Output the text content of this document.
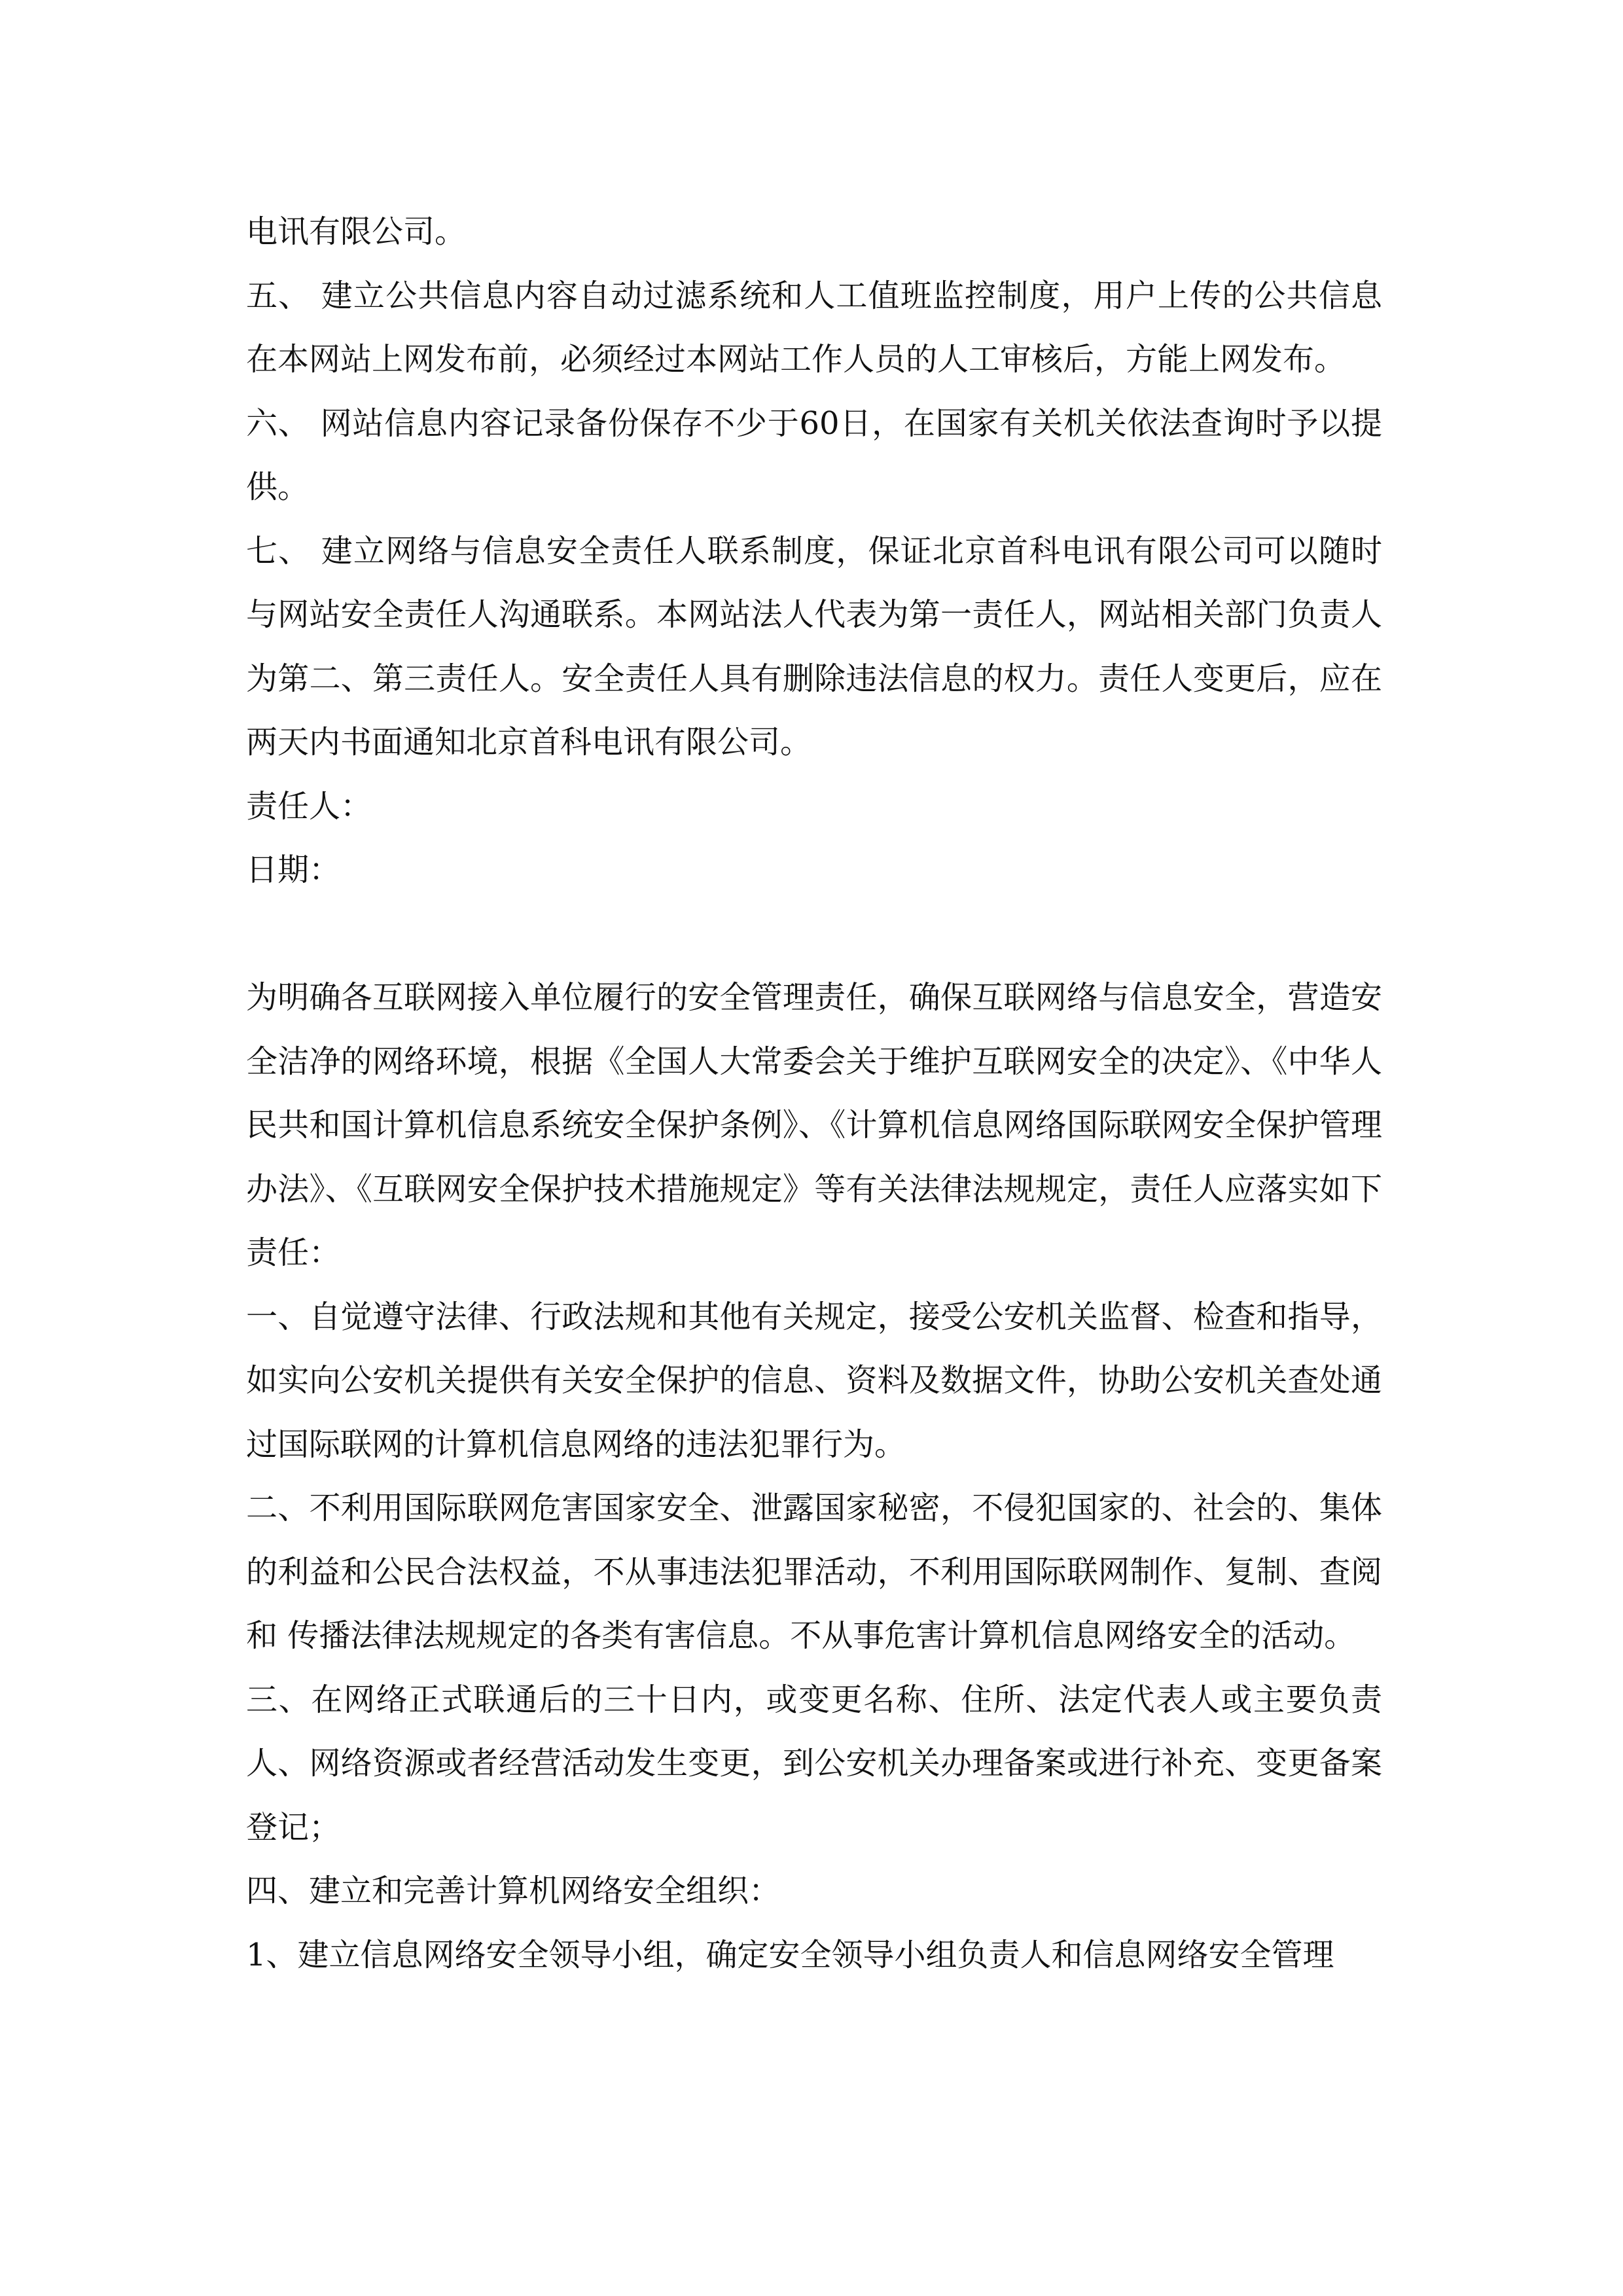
电讯有限公司。

五、 建立公共信息内容自动过滤系统和人工值班监控制度，用户上传的公共信息在本网站上网发布前，必须经过本网站工作人员的人工审核后，方能上网发布。

六、 网站信息内容记录备份保存不少于60日，在国家有关机关依法查询时予以提供。

七、 建立网络与信息安全责任人联系制度，保证北京首科电讯有限公司可以随时与网站安全责任人沟通联系。本网站法人代表为第一责任人，网站相关部门负责人为第二、第三责任人。安全责任人具有删除违法信息的权力。责任人变更后，应在两天内书面通知北京首科电讯有限公司。

责任人：

日期：

为明确各互联网接入单位履行的安全管理责任，确保互联网络与信息安全，营造安全洁净的网络环境，根据《全国人大常委会关于维护互联网安全的决定》、《中华人民共和国计算机信息系统安全保护条例》、《计算机信息网络国际联网安全保护管理办法》、《互联网安全保护技术措施规定》等有关法律法规规定，责任人应落实如下责任：

一、自觉遵守法律、行政法规和其他有关规定，接受公安机关监督、检查和指导，如实向公安机关提供有关安全保护的信息、资料及数据文件，协助公安机关查处通过国际联网的计算机信息网络的违法犯罪行为。

二、不利用国际联网危害国家安全、泄露国家秘密，不侵犯国家的、社会的、集体的利益和公民合法权益，不从事违法犯罪活动，不利用国际联网制作、复制、查阅和 传播法律法规规定的各类有害信息。不从事危害计算机信息网络安全的活动。

三、在网络正式联通后的三十日内，或变更名称、住所、法定代表人或主要负责人、网络资源或者经营活动发生变更，到公安机关办理备案或进行补充、变更备案登记；

四、建立和完善计算机网络安全组织：

1、建立信息网络安全领导小组，确定安全领导小组负责人和信息网络安全管理
